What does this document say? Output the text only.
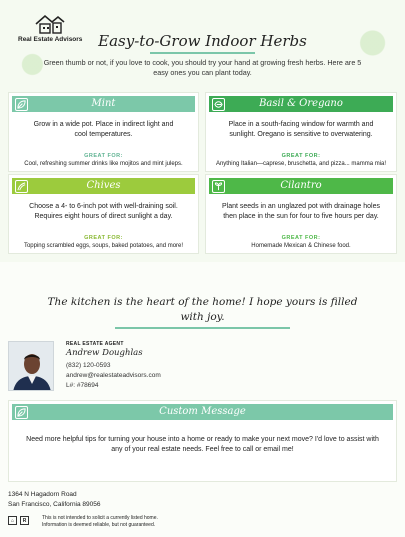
Real Estate Advisors	Easy-to-Grow Indoor Herbs
Green thumb or not, if you love to cook, you should try your hand at growing fresh herbs. Here are 5 easy ones you can plant today.
Mint
Grow in a wide pot. Place in indirect light and cool temperatures.
GREAT FOR:
Cool, refreshing summer drinks like mojitos and mint juleps.
Basil & Oregano
Place in a south-facing window for warmth and sunlight. Oregano is sensitive to overwatering.
GREAT FOR:
Anything Italian—caprese, bruschetta, and pizza... mamma mia!
Chives
Choose a 4- to 6-inch pot with well-draining soil. Requires eight hours of direct sunlight a day.
GREAT FOR:
Topping scrambled eggs, soups, baked potatoes, and more!
Cilantro
Plant seeds in an unglazed pot with drainage holes then place in the sun for four to five hours per day.
GREAT FOR:
Homemade Mexican & Chinese food.
The kitchen is the heart of the home! I hope yours is filled with joy.
REAL ESTATE AGENT
Andrew Doughlas
(832) 120-0593
andrew@realestateadvisors.com
L#: #78694
Custom Message
Need more helpful tips for turning your house into a home or ready to make your next move? I'd love to assist with any of your real estate needs. Feel free to call or email me!
1364 N Hagadorn Road
San Francisco, California 89056
⌂	R	This is not intended to solicit a currently listed home.
Information is deemed reliable, but not guaranteed.
